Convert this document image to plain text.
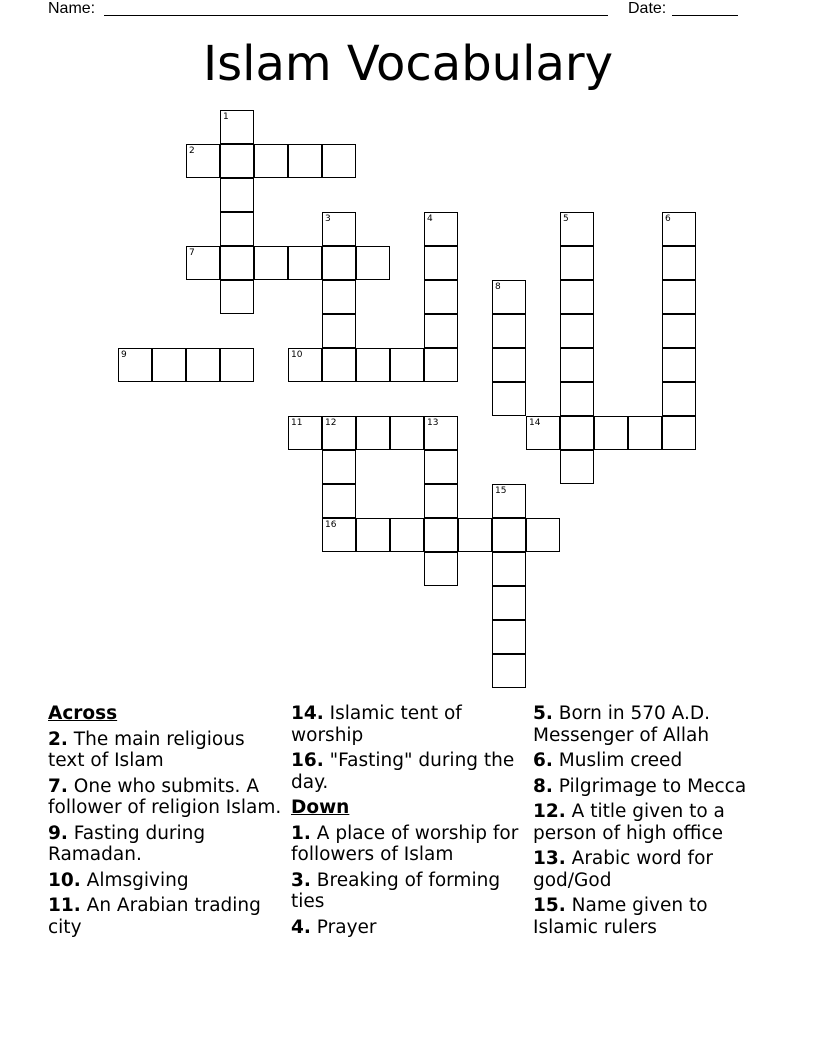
Name:	Date:
Islam Vocabulary
1
2
3	4	5	6
7
8
9	10
11	12	13	14
15
16
Across
2. The main religious text of Islam
7. One who submits. A follower of religion Islam.
9. Fasting during Ramadan.
10. Almsgiving
11. An Arabian trading city
14. Islamic tent of worship
16. "Fasting" during the day.
Down
1. A place of worship for followers of Islam
3. Breaking of forming ties
4. Prayer
5. Born in 570 A.D. Messenger of Allah
6. Muslim creed
8. Pilgrimage to Mecca
12. A title given to a person of high office
13. Arabic word for god/God
15. Name given to Islamic rulers
